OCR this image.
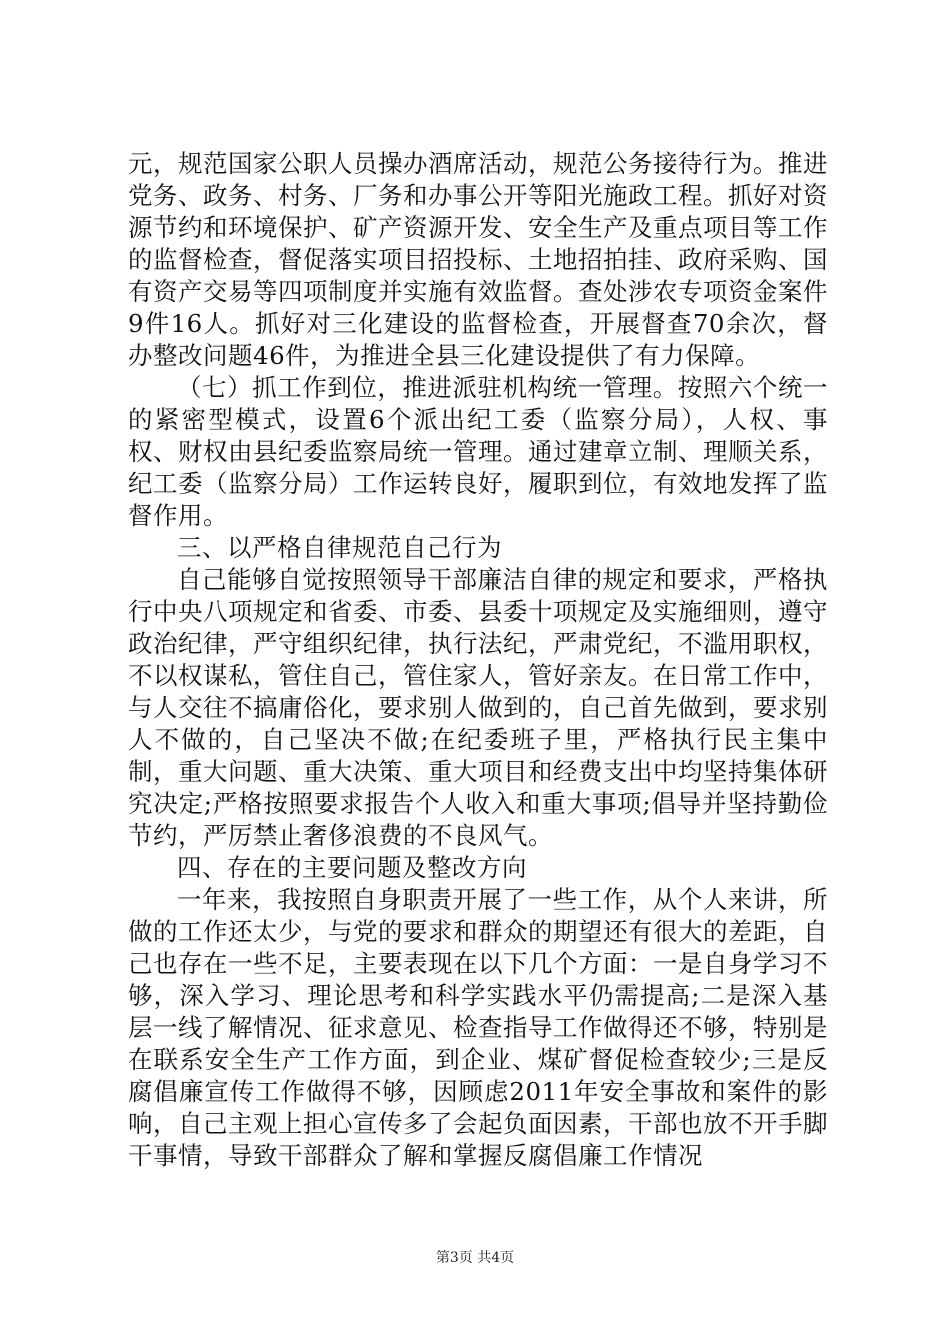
元，规范国家公职人员操办酒席活动，规范公务接待行为。推进党务、政务、村务、厂务和办事公开等阳光施政工程。抓好对资源节约和环境保护、矿产资源开发、安全生产及重点项目等工作的监督检查，督促落实项目招投标、土地招拍挂、政府采购、国有资产交易等四项制度并实施有效监督。查处涉农专项资金案件9件16人。抓好对三化建设的监督检查，开展督查70余次，督办整改问题46件，为推进全县三化建设提供了有力保障。

（七）抓工作到位，推进派驻机构统一管理。按照六个统一的紧密型模式，设置6个派出纪工委（监察分局），人权、事权、财权由县纪委监察局统一管理。通过建章立制、理顺关系，纪工委（监察分局）工作运转良好，履职到位，有效地发挥了监督作用。

三、以严格自律规范自己行为

自己能够自觉按照领导干部廉洁自律的规定和要求，严格执行中央八项规定和省委、市委、县委十项规定及实施细则，遵守政治纪律，严守组织纪律，执行法纪，严肃党纪，不滥用职权，不以权谋私，管住自己，管住家人，管好亲友。在日常工作中，与人交往不搞庸俗化，要求别人做到的，自己首先做到，要求别人不做的，自己坚决不做;在纪委班子里，严格执行民主集中制，重大问题、重大决策、重大项目和经费支出中均坚持集体研究决定;严格按照要求报告个人收入和重大事项;倡导并坚持勤俭节约，严厉禁止奢侈浪费的不良风气。

四、存在的主要问题及整改方向

一年来，我按照自身职责开展了一些工作，从个人来讲，所做的工作还太少，与党的要求和群众的期望还有很大的差距，自己也存在一些不足，主要表现在以下几个方面：一是自身学习不够，深入学习、理论思考和科学实践水平仍需提高;二是深入基层一线了解情况、征求意见、检查指导工作做得还不够，特别是在联系安全生产工作方面，到企业、煤矿督促检查较少;三是反腐倡廉宣传工作做得不够，因顾虑2011年安全事故和案件的影响，自己主观上担心宣传多了会起负面因素，干部也放不开手脚干事情，导致干部群众了解和掌握反腐倡廉工作情况

第3页 共4页
